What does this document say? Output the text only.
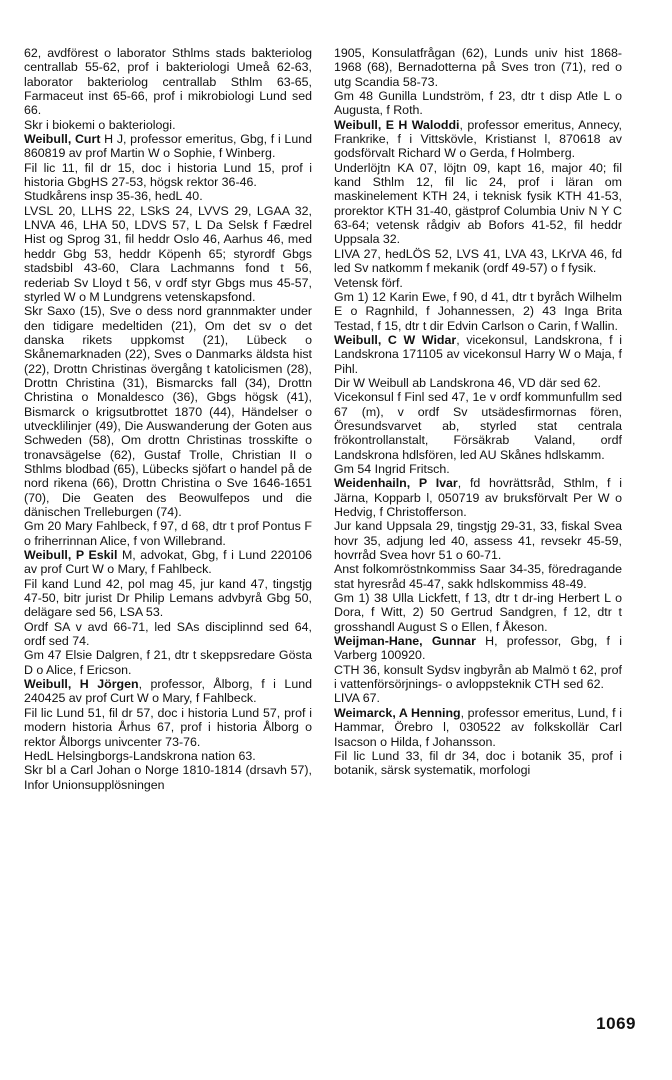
62, avdförest o laborator Sthlms stads bakteriolog centrallab 55-62, prof i bakteriologi Umeå 62-63, laborator bakteriolog centrallab Sthlm 63-65, Farmaceut inst 65-66, prof i mikrobiologi Lund sed 66.

Skr i biokemi o bakteriologi.

Weibull, Curt H J, professor emeritus, Gbg, f i Lund 860819 av prof Martin W o Sophie, f Winberg.

Fil lic 11, fil dr 15, doc i historia Lund 15, prof i historia GbgHS 27-53, högsk rektor 36-46.

Studkårens insp 35-36, hedL 40.

LVSL 20, LLHS 22, LSkS 24, LVVS 29, LGAA 32, LNVA 46, LHA 50, LDVS 57, L Da Selsk f Fædrel Hist og Sprog 31, fil heddr Oslo 46, Aarhus 46, med heddr Gbg 53, heddr Köpenh 65; styrordf Gbgs stadsbibl 43-60, Clara Lachmanns fond t 56, rederiab Sv Lloyd t 56, v ordf styr Gbgs mus 45-57, styrled W o M Lundgrens vetenskapsfond.

Skr Saxo (15), Sve o dess nord grannmakter under den tidigare medeltiden (21), Om det sv o det danska rikets uppkomst (21), Lübeck o Skånemarknaden (22), Sves o Danmarks äldsta hist (22), Drottn Christinas övergång t katolicismen (28), Drottn Christina (31), Bismarcks fall (34), Drottn Christina o Monaldesco (36), Gbgs högsk (41), Bismarck o krigsutbrottet 1870 (44), Händelser o utvecklilinjer (49), Die Auswanderung der Goten aus Schweden (58), Om drottn Christinas trosskifte o tronavsägelse (62), Gustaf Trolle, Christian II o Sthlms blodbad (65), Lübecks sjöfart o handel på de nord rikena (66), Drottn Christina o Sve 1646-1651 (70), Die Geaten des Beowulfepos und die dänischen Trelleburgen (74).

Gm 20 Mary Fahlbeck, f 97, d 68, dtr t prof Pontus F o friherrinnan Alice, f von Willebrand.

Weibull, P Eskil M, advokat, Gbg, f i Lund 220106 av prof Curt W o Mary, f Fahlbeck.

Fil kand Lund 42, pol mag 45, jur kand 47, tingstjg 47-50, bitr jurist Dr Philip Lemans advbyrå Gbg 50, delägare sed 56, LSA 53.

Ordf SA v avd 66-71, led SAs disciplinnd sed 64, ordf sed 74.

Gm 47 Elsie Dalgren, f 21, dtr t skeppsredare Gösta D o Alice, f Ericson.

Weibull, H Jörgen, professor, Ålborg, f i Lund 240425 av prof Curt W o Mary, f Fahlbeck.

Fil lic Lund 51, fil dr 57, doc i historia Lund 57, prof i modern historia Århus 67, prof i historia Ålborg o rektor Ålborgs univcenter 73-76.

HedL Helsingborgs-Landskrona nation 63.

Skr bl a Carl Johan o Norge 1810-1814 (drsavh 57), Infor Unionsupplösningen

1905, Konsulatfrågan (62), Lunds univ hist 1868-1968 (68), Bernadotterna på Sves tron (71), red o utg Scandia 58-73.

Gm 48 Gunilla Lundström, f 23, dtr t disp Atle L o Augusta, f Roth.

Weibull, E H Waloddi, professor emeritus, Annecy, Frankrike, f i Vittskövle, Kristianst l, 870618 av godsförvalt Richard W o Gerda, f Holmberg.

Underlöjtn KA 07, löjtn 09, kapt 16, major 40; fil kand Sthlm 12, fil lic 24, prof i läran om maskinelement KTH 24, i teknisk fysik KTH 41-53, prorektor KTH 31-40, gästprof Columbia Univ N Y C 63-64; vetensk rådgiv ab Bofors 41-52, fil heddr Uppsala 32.

LIVA 27, hedLÖS 52, LVS 41, LVA 43, LKrVA 46, fd led Sv natkomm f mekanik (ordf 49-57) o f fysik.

Vetensk förf.

Gm 1) 12 Karin Ewe, f 90, d 41, dtr t byråch Wilhelm E o Ragnhild, f Johannessen, 2) 43 Inga Brita Testad, f 15, dtr t dir Edvin Carlson o Carin, f Wallin.

Weibull, C W Widar, vicekonsul, Landskrona, f i Landskrona 171105 av vicekonsul Harry W o Maja, f Pihl.

Dir W Weibull ab Landskrona 46, VD där sed 62.

Vicekonsul f Finl sed 47, 1e v ordf kommunfullm sed 67 (m), v ordf Sv utsädesfirmornas fören, Öresundsvarvet ab, styrled stat centrala frökontrollanstalt, Försäkrab Valand, ordf Landskrona hdlsfören, led AU Skånes hdlskamm.

Gm 54 Ingrid Fritsch.

Weidenhailn, P Ivar, fd hovrättsråd, Sthlm, f i Järna, Kopparb l, 050719 av bruksförvalt Per W o Hedvig, f Christofferson.

Jur kand Uppsala 29, tingstjg 29-31, 33, fiskal Svea hovr 35, adjung led 40, assess 41, revsekr 45-59, hovrråd Svea hovr 51 o 60-71.

Anst folkomröstnkommiss Saar 34-35, föredragande stat hyresråd 45-47, sakk hdlskommiss 48-49.

Gm 1) 38 Ulla Lickfett, f 13, dtr t dr-ing Herbert L o Dora, f Witt, 2) 50 Gertrud Sandgren, f 12, dtr t grosshandl August S o Ellen, f Åkeson.

Weijman-Hane, Gunnar H, professor, Gbg, f i Varberg 100920.

CTH 36, konsult Sydsv ingbyrån ab Malmö t 62, prof i vattenförsörjnings- o avloppsteknik CTH sed 62.

LIVA 67.

Weimarck, A Henning, professor emeritus, Lund, f i Hammar, Örebro l, 030522 av folkskollär Carl Isacson o Hilda, f Johansson.

Fil lic Lund 33, fil dr 34, doc i botanik 35, prof i botanik, särsk systematik, morfologi

1069
